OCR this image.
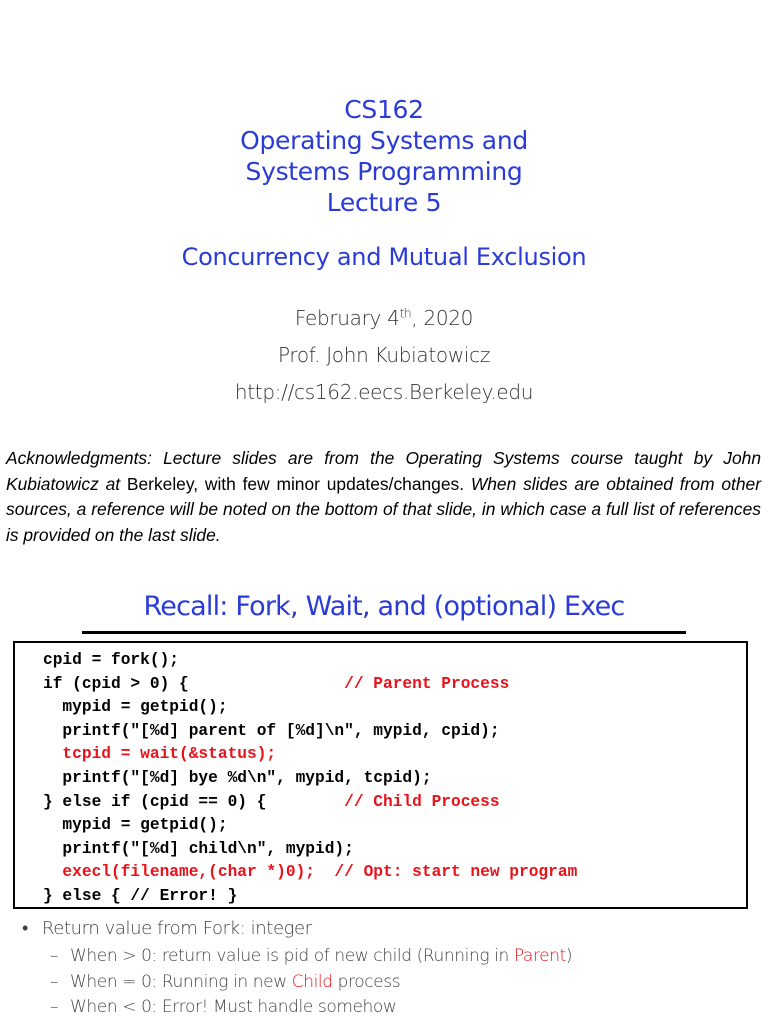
CS162
Operating Systems and
Systems Programming
Lecture 5
Concurrency and Mutual Exclusion
February 4th, 2020
Prof. John Kubiatowicz
http://cs162.eecs.Berkeley.edu
Acknowledgments: Lecture slides are from the Operating Systems course taught by John Kubiatowicz at Berkeley, with few minor updates/changes. When slides are obtained from other sources, a reference will be noted on the bottom of that slide, in which case a full list of references is provided on the last slide.
Recall: Fork, Wait, and (optional) Exec
cpid = fork();
if (cpid > 0) {                // Parent Process
mypid = getpid();
printf("[%d] parent of [%d]\n", mypid, cpid);
tcpid = wait(&status);
printf("[%d] bye %d\n", mypid, tcpid);
} else if (cpid == 0) {        // Child Process
mypid = getpid();
printf("[%d] child\n", mypid);
execl(filename,(char *)0);  // Opt: start new program
} else { // Error! }
• Return value from Fork: integer
– When > 0: return value is pid of new child (Running in Parent)
– When = 0: Running in new Child process
– When < 0: Error! Must handle somehow
